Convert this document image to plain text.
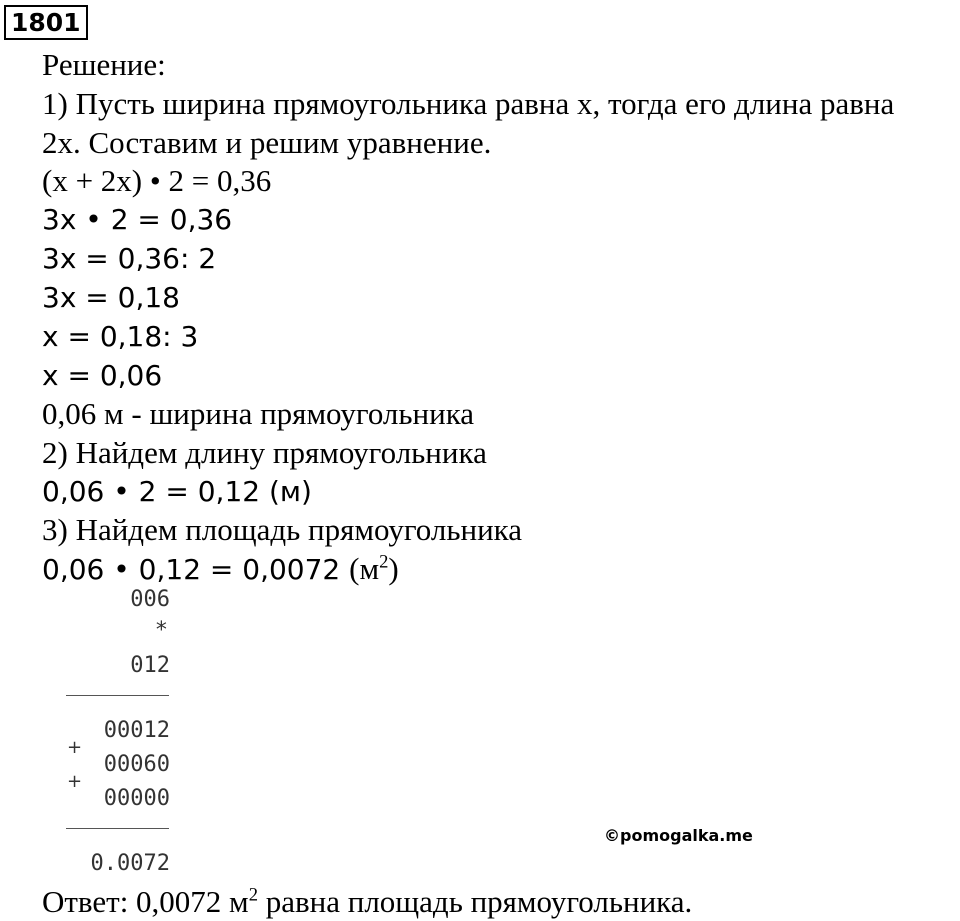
1801
Решение:
1) Пусть ширина прямоугольника равна х, тогда его длина равна
2х. Составим и решим уравнение.
(х + 2х) • 2 = 0,36
3х • 2 = 0,36
3х = 0,36: 2
3х = 0,18
х = 0,18: 3
х = 0,06
0,06 м - ширина прямоугольника
2) Найдем длину прямоугольника
0,06 • 2 = 0,12 (м)
3) Найдем площадь прямоугольника
0,06 • 0,12 = 0,0072 $(м^2)$
006
*
012
00012
+
00060
+
00000
0.0072
©pomogalka.me
Ответ: 0,0072 $м^2$ равна площадь прямоугольника.
